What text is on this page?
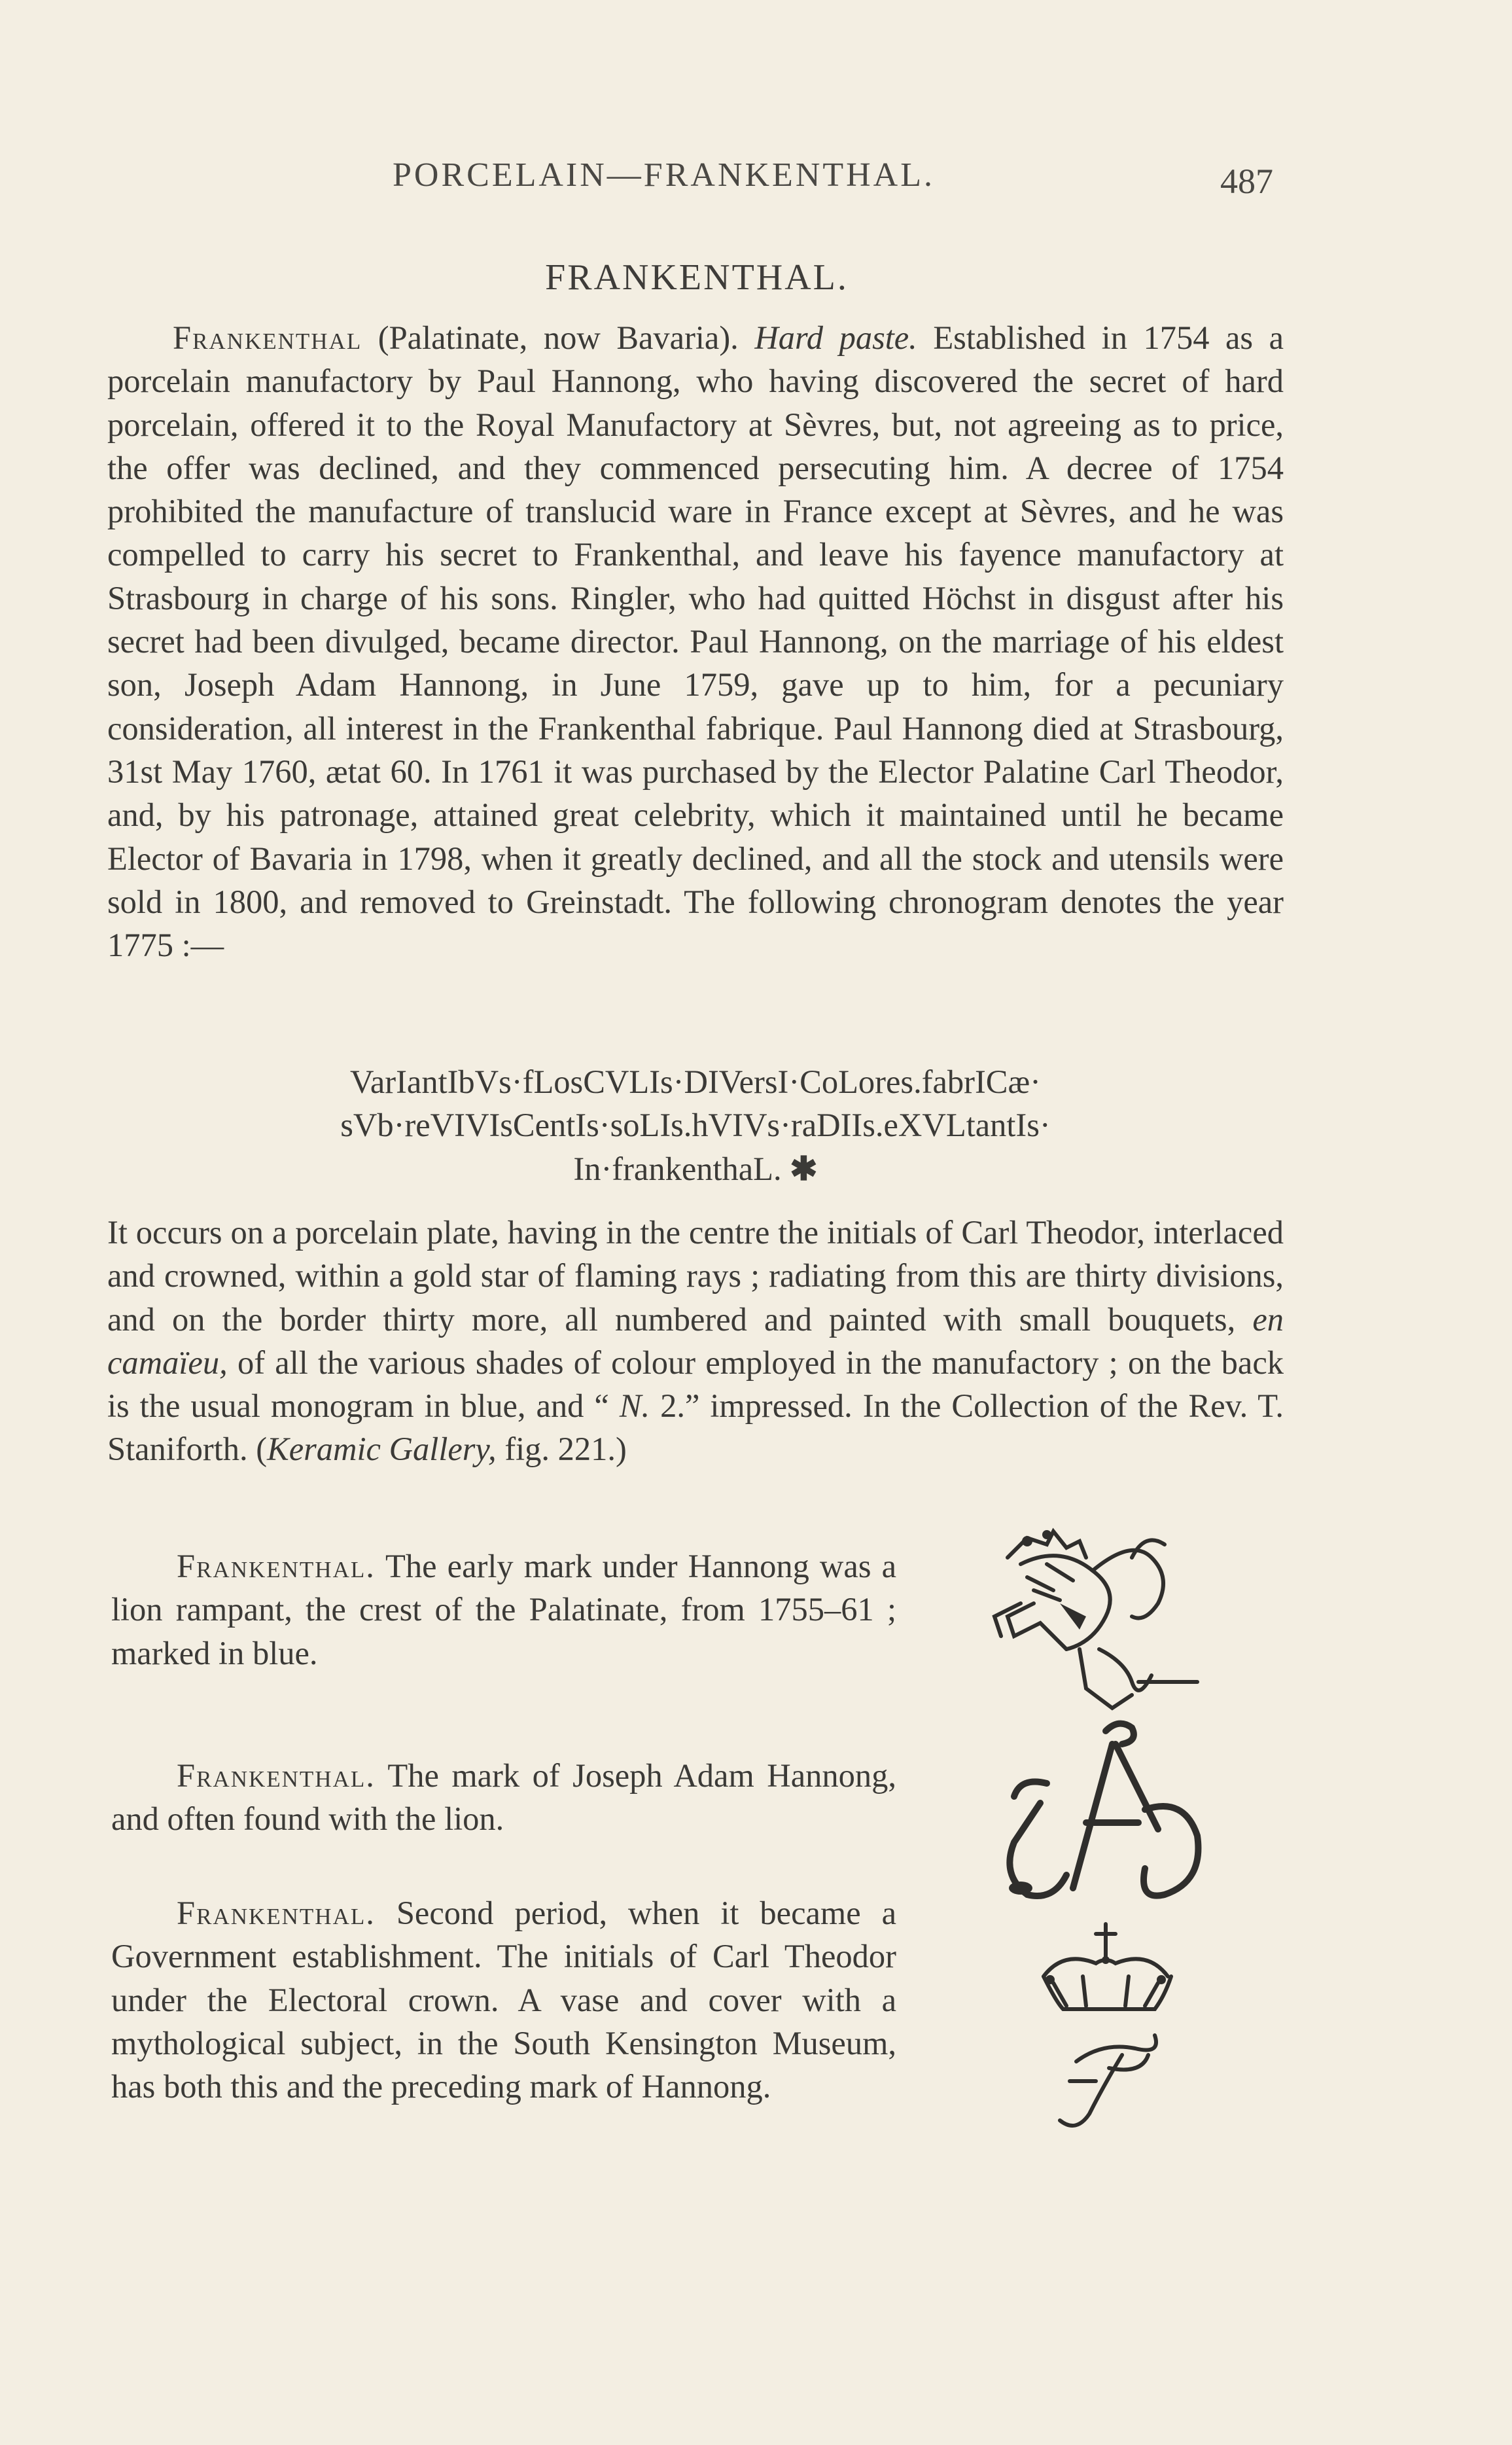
PORCELAIN—FRANKENTHAL.	487
FRANKENTHAL.

Frankenthal (Palatinate, now Bavaria). Hard paste. Established in 1754 as a porcelain manufactory by Paul Hannong, who having discovered the secret of hard porcelain, offered it to the Royal Manufactory at Sèvres, but, not agreeing as to price, the offer was declined, and they commenced persecuting him. A decree of 1754 prohibited the manufacture of translucid ware in France except at Sèvres, and he was compelled to carry his secret to Frankenthal, and leave his fayence manufactory at Strasbourg in charge of his sons. Ringler, who had quitted Höchst in disgust after his secret had been divulged, became director. Paul Hannong, on the marriage of his eldest son, Joseph Adam Hannong, in June 1759, gave up to him, for a pecuniary consideration, all interest in the Frankenthal fabrique. Paul Hannong died at Strasbourg, 31st May 1760, ætat 60. In 1761 it was purchased by the Elector Palatine Carl Theodor, and, by his patronage, attained great celebrity, which it maintained until he became Elector of Bavaria in 1798, when it greatly declined, and all the stock and utensils were sold in 1800, and removed to Greinstadt. The following chronogram denotes the year 1775 :—

VarIantIbVs·fLosCVLIs·DIVersI·CoLores.fabrICæ·
sVb·reVIVIsCentIs·soLIs.hVIVs·raDIIs.eXVLtantIs·
In·frankenthaL. ✱

It occurs on a porcelain plate, having in the centre the initials of Carl Theodor, interlaced and crowned, within a gold star of flaming rays ; radiating from this are thirty divisions, and on the border thirty more, all numbered and painted with small bouquets, en camaïeu, of all the various shades of colour employed in the manufactory ; on the back is the usual monogram in blue, and “ N. 2.” impressed. In the Collection of the Rev. T. Staniforth. (Keramic Gallery, fig. 221.)

Frankenthal. The early mark under Hannong was a lion rampant, the crest of the Palatinate, from 1755–61 ; marked in blue.

Frankenthal. The mark of Joseph Adam Hannong, and often found with the lion.

Frankenthal. Second period, when it became a Government establishment. The initials of Carl Theodor under the Electoral crown. A vase and cover with a mythological subject, in the South Kensington Museum, has both this and the preceding mark of Hannong.
